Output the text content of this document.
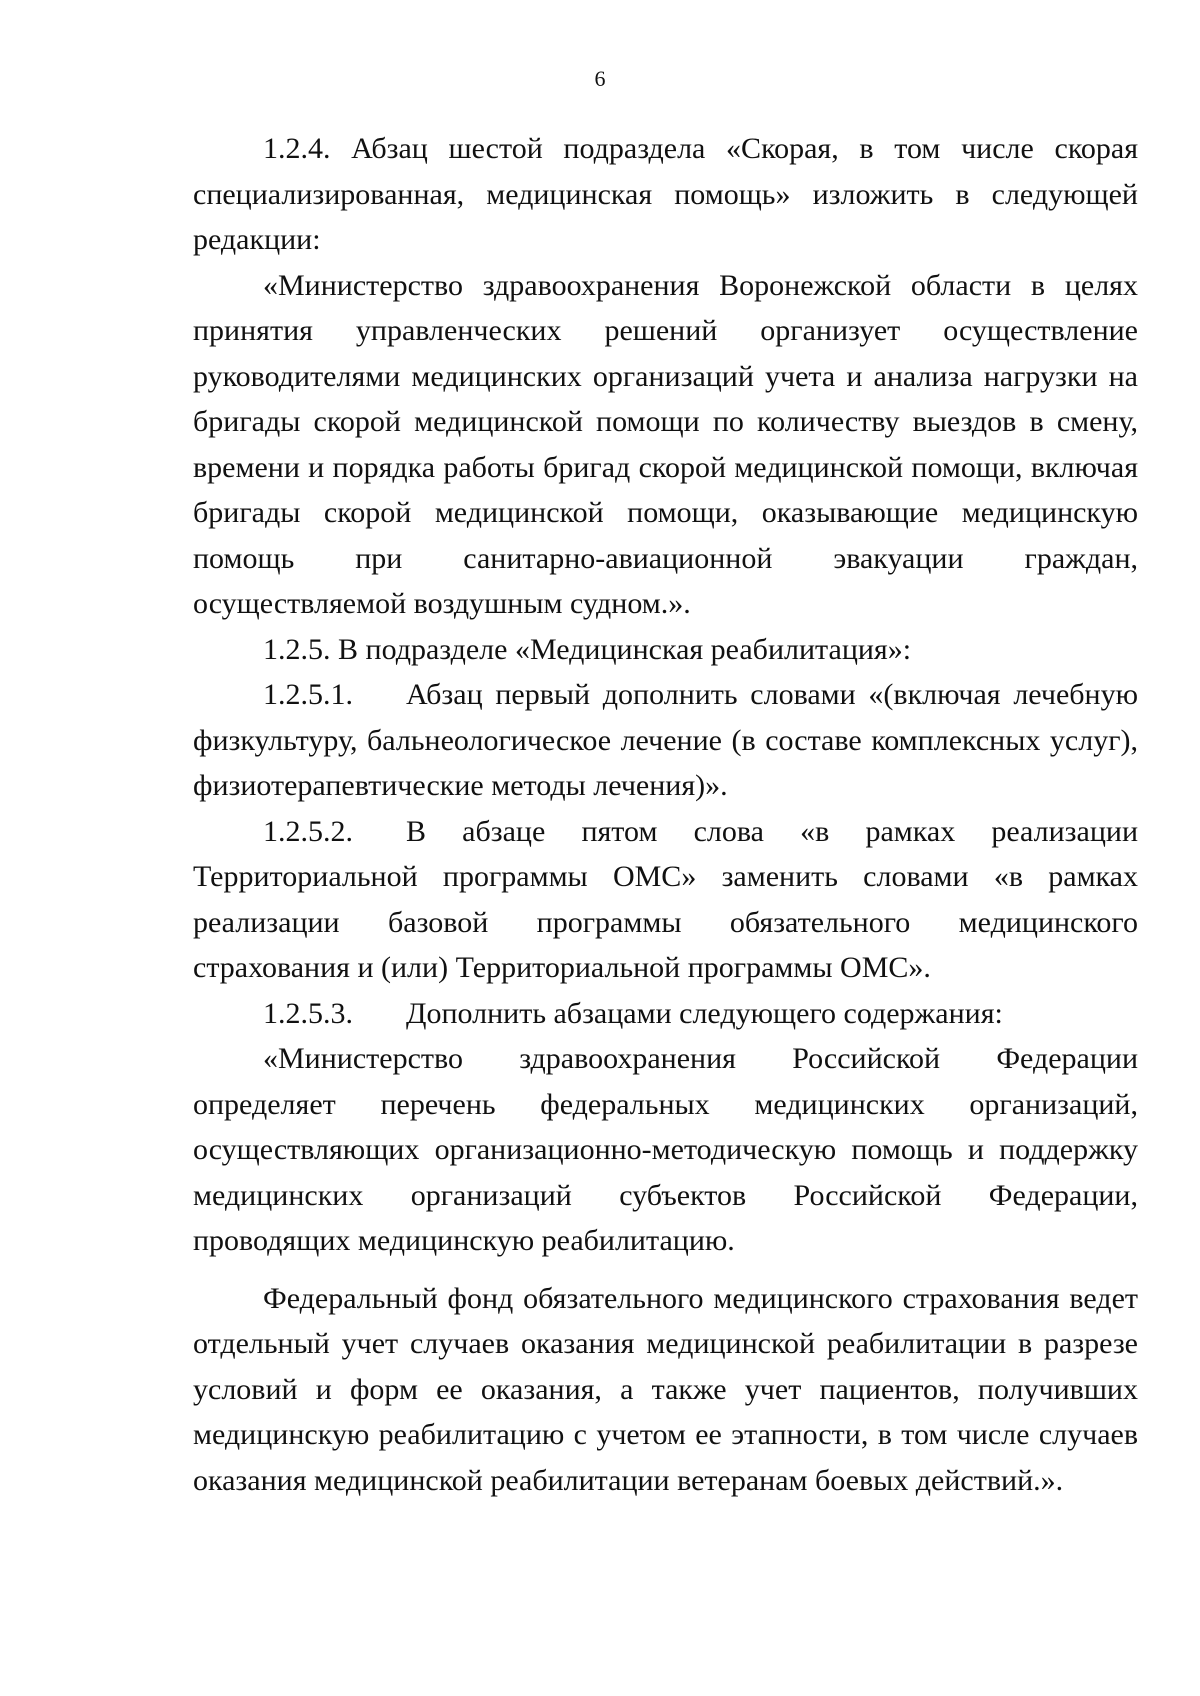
6

1.2.4. Абзац шестой подраздела «Скорая, в том числе скорая специализированная, медицинская помощь» изложить в следующей редакции:

«Министерство здравоохранения Воронежской области в целях принятия управленческих решений организует осуществление руководителями медицинских организаций учета и анализа нагрузки на бригады скорой медицинской помощи по количеству выездов в смену, времени и порядка работы бригад скорой медицинской помощи, включая бригады скорой медицинской помощи, оказывающие медицинскую помощь при санитарно-авиационной эвакуации граждан, осуществляемой воздушным судном.».

1.2.5. В подразделе «Медицинская реабилитация»:

1.2.5.1. Абзац первый дополнить словами «(включая лечебную физкультуру, бальнеологическое лечение (в составе комплексных услуг), физиотерапевтические методы лечения)».

1.2.5.2. В абзаце пятом слова «в рамках реализации Территориальной программы ОМС» заменить словами «в рамках реализации базовой программы обязательного медицинского страхования и (или) Территориальной программы ОМС».

1.2.5.3. Дополнить абзацами следующего содержания:

«Министерство здравоохранения Российской Федерации определяет перечень федеральных медицинских организаций, осуществляющих организационно-методическую помощь и поддержку медицинских организаций субъектов Российской Федерации, проводящих медицинскую реабилитацию.

Федеральный фонд обязательного медицинского страхования ведет отдельный учет случаев оказания медицинской реабилитации в разрезе условий и форм ее оказания, а также учет пациентов, получивших медицинскую реабилитацию с учетом ее этапности, в том числе случаев оказания медицинской реабилитации ветеранам боевых действий.».
